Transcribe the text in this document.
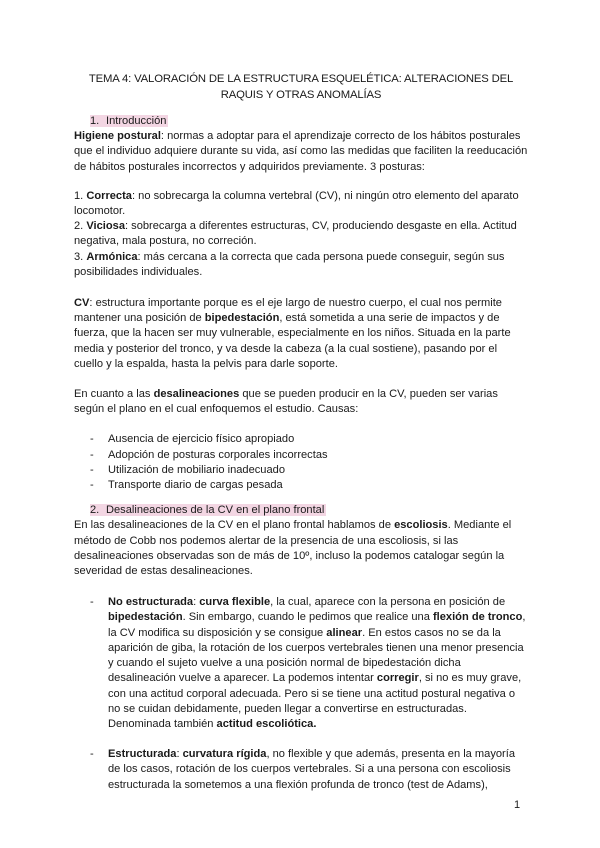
TEMA 4: VALORACIÓN DE LA ESTRUCTURA ESQUELÉTICA: ALTERACIONES DEL RAQUIS Y OTRAS ANOMALÍAS

1. Introducción

Higiene postural: normas a adoptar para el aprendizaje correcto de los hábitos posturales que el individuo adquiere durante su vida, así como las medidas que faciliten la reeducación de hábitos posturales incorrectos y adquiridos previamente. 3 posturas:

1. Correcta: no sobrecarga la columna vertebral (CV), ni ningún otro elemento del aparato locomotor.

2. Viciosa: sobrecarga a diferentes estructuras, CV, produciendo desgaste en ella. Actitud negativa, mala postura, no correción.

3. Armónica: más cercana a la correcta que cada persona puede conseguir, según sus posibilidades individuales.

CV: estructura importante porque es el eje largo de nuestro cuerpo, el cual nos permite mantener una posición de bipedestación, está sometida a una serie de impactos y de fuerza, que la hacen ser muy vulnerable, especialmente en los niños. Situada en la parte media y posterior del tronco, y va desde la cabeza (a la cual sostiene), pasando por el cuello y la espalda, hasta la pelvis para darle soporte.

En cuanto a las desalineaciones que se pueden producir en la CV, pueden ser varias según el plano en el cual enfoquemos el estudio. Causas:

- Ausencia de ejercicio físico apropiado
- Adopción de posturas corporales incorrectas
- Utilización de mobiliario inadecuado
- Transporte diario de cargas pesada

2. Desalineaciones de la CV en el plano frontal

En las desalineaciones de la CV en el plano frontal hablamos de escoliosis. Mediante el método de Cobb nos podemos alertar de la presencia de una escoliosis, si las desalineaciones observadas son de más de 10º, incluso la podemos catalogar según la severidad de estas desalineaciones.

- No estructurada: curva flexible, la cual, aparece con la persona en posición de bipedestación. Sin embargo, cuando le pedimos que realice una flexión de tronco, la CV modifica su disposición y se consigue alinear. En estos casos no se da la aparición de giba, la rotación de los cuerpos vertebrales tienen una menor presencia y cuando el sujeto vuelve a una posición normal de bipedestación dicha desalineación vuelve a aparecer. La podemos intentar corregir, si no es muy grave, con una actitud corporal adecuada. Pero si se tiene una actitud postural negativa o no se cuidan debidamente, pueden llegar a convertirse en estructuradas. Denominada también actitud escoliótica.
- Estructurada: curvatura rígida, no flexible y que además, presenta en la mayoría de los casos, rotación de los cuerpos vertebrales. Si a una persona con escoliosis estructurada la sometemos a una flexión profunda de tronco (test de Adams),
1
